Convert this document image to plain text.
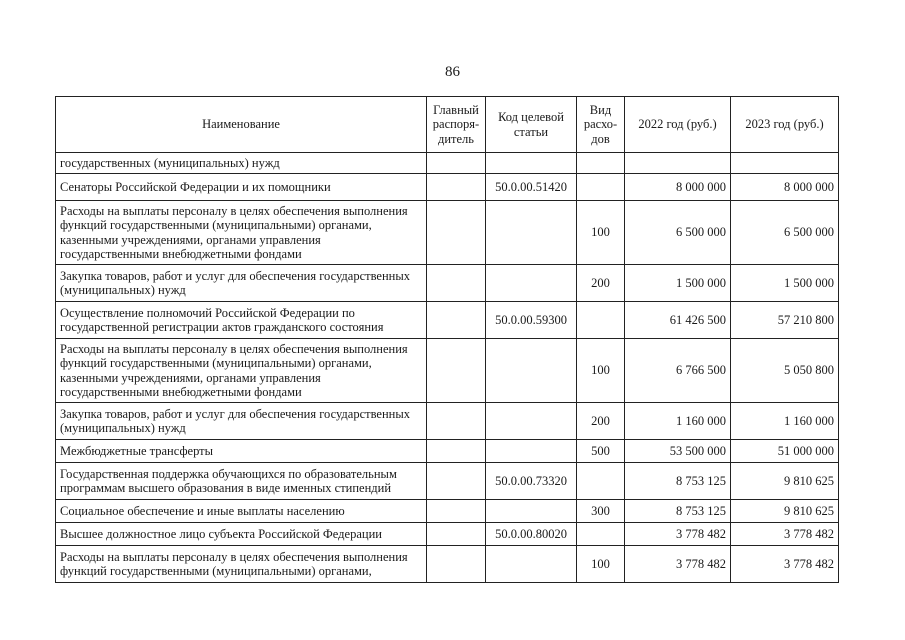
86
Наименование	Главный распоря-дитель	Код целевой статьи	Вид расхо-дов	2022 год (руб.)	2023 год (руб.)
государственных (муниципальных) нужд					
Сенаторы Российской Федерации и их помощники		50.0.00.51420		8 000 000	8 000 000
Расходы на выплаты персоналу в целях обеспечения выполнения функций государственными (муниципальными) органами, казенными учреждениями, органами управления государственными внебюджетными фондами			100	6 500 000	6 500 000
Закупка товаров, работ и услуг для обеспечения государственных (муниципальных) нужд			200	1 500 000	1 500 000
Осуществление полномочий Российской Федерации по государственной регистрации актов гражданского состояния		50.0.00.59300		61 426 500	57 210 800
Расходы на выплаты персоналу в целях обеспечения выполнения функций государственными (муниципальными) органами, казенными учреждениями, органами управления государственными внебюджетными фондами			100	6 766 500	5 050 800
Закупка товаров, работ и услуг для обеспечения государственных (муниципальных) нужд			200	1 160 000	1 160 000
Межбюджетные трансферты			500	53 500 000	51 000 000
Государственная поддержка обучающихся по образовательным программам высшего образования в виде именных стипендий		50.0.00.73320		8 753 125	9 810 625
Социальное обеспечение и иные выплаты населению			300	8 753 125	9 810 625
Высшее должностное лицо субъекта Российской Федерации		50.0.00.80020		3 778 482	3 778 482
Расходы на выплаты персоналу в целях обеспечения выполнения функций государственными (муниципальными) органами,			100	3 778 482	3 778 482
